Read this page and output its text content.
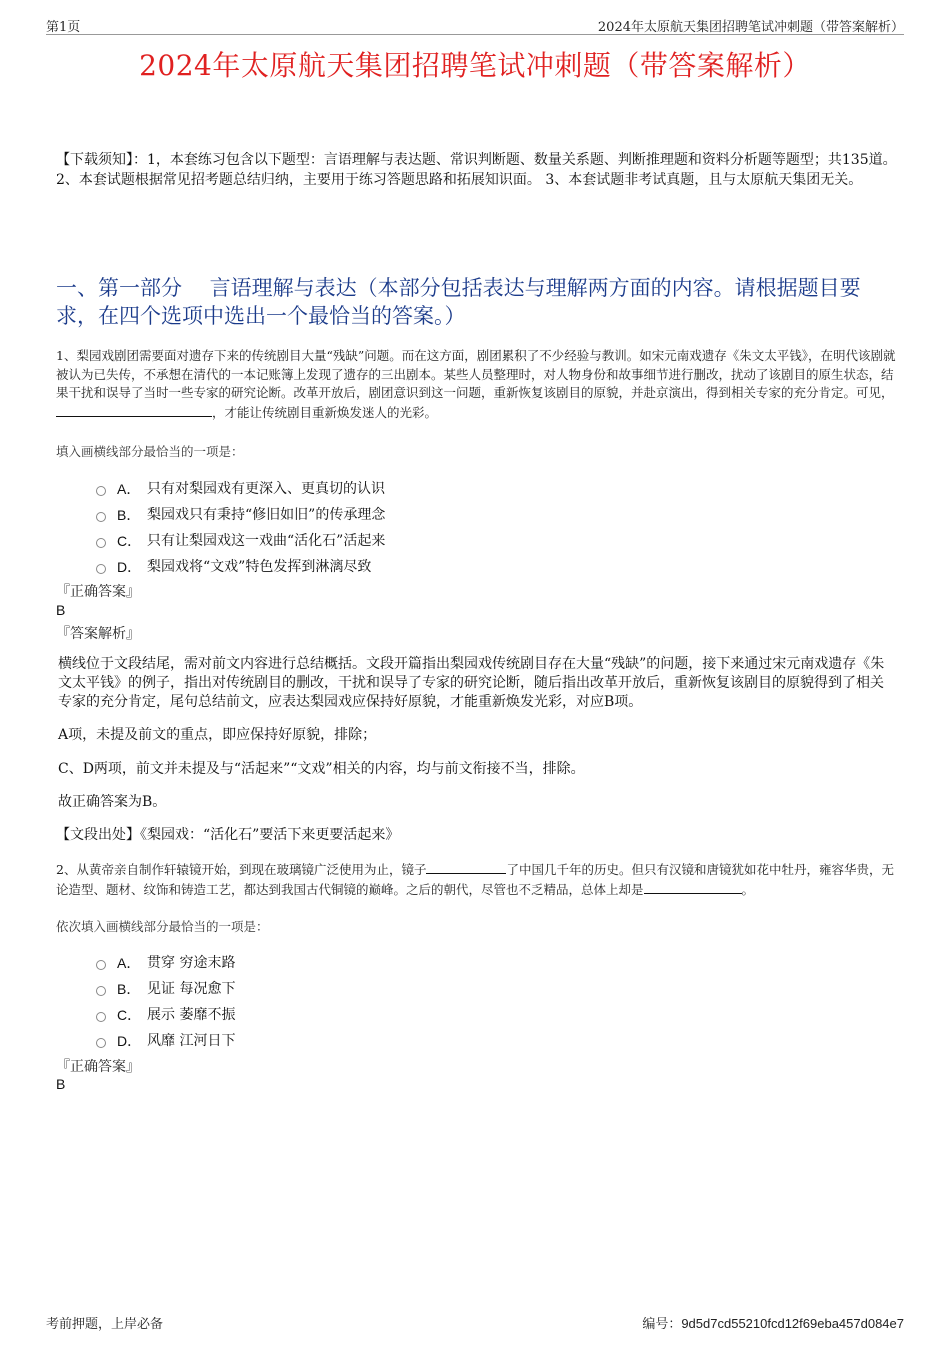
第1页	2024年太原航天集团招聘笔试冲刺题（带答案解析）
2024年太原航天集团招聘笔试冲刺题（带答案解析）
【下载须知】：1，本套练习包含以下题型：言语理解与表达题、常识判断题、数量关系题、判断推理题和资料分析题等题型；共135道。 2、本套试题根据常见招考题总结归纳，主要用于练习答题思路和拓展知识面。 3、本套试题非考试真题，且与太原航天集团无关。
一、第一部分　 言语理解与表达（本部分包括表达与理解两方面的内容。请根据题目要求，在四个选项中选出一个最恰当的答案。）
1、梨园戏剧团需要面对遗存下来的传统剧目大量“残缺”问题。而在这方面，剧团累积了不少经验与教训。如宋元南戏遗存《朱文太平钱》，在明代该剧就被认为已失传，不承想在清代的一本记账簿上发现了遗存的三出剧本。某些人员整理时，对人物身份和故事细节进行删改，扰动了该剧目的原生状态，结果干扰和误导了当时一些专家的研究论断。改革开放后，剧团意识到这一问题，重新恢复该剧目的原貌，并赴京演出，得到相关专家的充分肯定。可见，，才能让传统剧目重新焕发迷人的光彩。
填入画横线部分最恰当的一项是：
A． 只有对梨园戏有更深入、更真切的认识
B． 梨园戏只有秉持“修旧如旧”的传承理念
C． 只有让梨园戏这一戏曲“活化石”活起来
D． 梨园戏将“文戏”特色发挥到淋漓尽致
『正确答案』
B
『答案解析』
横线位于文段结尾，需对前文内容进行总结概括。文段开篇指出梨园戏传统剧目存在大量“残缺”的问题，接下来通过宋元南戏遗存《朱文太平钱》的例子，指出对传统剧目的删改，干扰和误导了专家的研究论断，随后指出改革开放后，重新恢复该剧目的原貌得到了相关专家的充分肯定，尾句总结前文，应表达梨园戏应保持好原貌，才能重新焕发光彩，对应B项。
A项，未提及前文的重点，即应保持好原貌，排除；
C、D两项，前文并未提及与“活起来”“文戏”相关的内容，均与前文衔接不当，排除。
故正确答案为B。
【文段出处】《梨园戏：“活化石”要活下来更要活起来》
2、从黄帝亲自制作轩辕镜开始，到现在玻璃镜广泛使用为止，镜子	了中国几千年的历史。但只有汉镜和唐镜犹如花中牡丹，雍容华贵，无论造型、题材、纹饰和铸造工艺，都达到我国古代铜镜的巅峰。之后的朝代，尽管也不乏精品，总体上却是	。
依次填入画横线部分最恰当的一项是：
A． 贯穿 穷途末路
B． 见证 每况愈下
C． 展示 萎靡不振
D． 风靡 江河日下
『正确答案』
B
考前押题，上岸必备	编号：9d5d7cd55210fcd12f69eba457d084e7
